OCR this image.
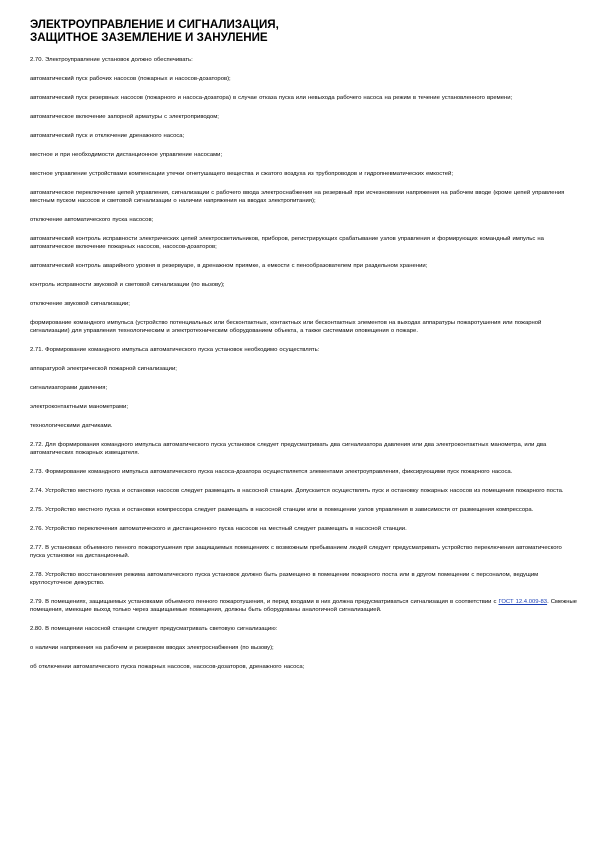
ЭЛЕКТРОУПРАВЛЕНИЕ И СИГНАЛИЗАЦИЯ,
ЗАЩИТНОЕ ЗАЗЕМЛЕНИЕ И ЗАНУЛЕНИЕ

2.70. Электроуправление установок должно обеспечивать:

автоматический пуск рабочих насосов (пожарных и насосов-дозаторов);

автоматический пуск резервных насосов (пожарного и насоса-дозатора) в случае отказа пуска или невыхода рабочего насоса на режим в течение установленного времени;

автоматическое включение запорной арматуры с электроприводом;

автоматический пуск и отключение дренажного насоса;

местное и при необходимости дистанционное управление насосами;

местное управление устройствами компенсации утечки огнетушащего вещества и сжатого воздуха из трубопроводов и гидропневматических емкостей;

автоматическое переключение цепей управления, сигнализации с рабочего ввода электроснабжения на резервный при исчезновении напряжения на рабочем вводе (кроме цепей управления местным пуском насосов и световой сигнализации о наличии напряжения на вводах электропитания);

отключение автоматического пуска насосов;

автоматический контроль исправности электрических цепей электросветильников, приборов, регистрирующих срабатывание узлов управления и формирующих командный импульс на автоматическое включение пожарных насосов, насосов-дозаторов;

автоматический контроль аварийного уровня в резервуаре, в дренажном приямке, а емкости с пенообразователем при раздельном хранении;

контроль исправности звуковой и световой сигнализации (по вызову);

отключение звуковой сигнализации;

формирование командного импульса (устройство потенциальных или бесконтактных, контактных или бесконтактных элементов на выходах аппаратуры пожаротушения или пожарной сигнализации) для управления технологическим и электротехническим оборудованием объекта, а также системами оповещения о пожаре.

2.71. Формирование командного импульса автоматического пуска установок необходимо осуществлять:

аппаратурой электрической пожарной сигнализации;

сигнализаторами давления;

электроконтактными манометрами;

технологическими датчиками.

2.72. Для формирования командного импульса автоматического пуска установок следует предусматривать два сигнализатора давления или два электроконтактных манометра, или два автоматических пожарных извещателя.

2.73. Формирование командного импульса автоматического пуска насоса-дозатора осуществляется элементами электроуправления, фиксирующими пуск пожарного насоса.

2.74. Устройство местного пуска и остановки насосов следует размещать в насосной станции. Допускается осуществлять пуск и остановку пожарных насосов из помещения пожарного поста.

2.75. Устройство местного пуска и остановки компрессора следует размещать в насосной станции или в помещении узлов управления в зависимости от размещения компрессора.

2.76. Устройство переключения автоматического и дистанционного пуска насосов на местный следует размещать в насосной станции.

2.77. В установках объемного пенного пожаротушения при защищаемых помещениях с возможным пребыванием людей следует предусматривать устройство переключения автоматического пуска установки на дистанционный.

2.78. Устройство восстановления режима автоматического пуска установок должно быть размещено в помещении пожарного поста или в другом помещении с персоналом, ведущим круглосуточное дежурство.

2.79. В помещениях, защищаемых установками объемного пенного пожаротушения, и перед входами в них должна предусматриваться сигнализация в соответствии с ГОСТ 12.4.009-83. Смежные помещения, имеющие выход только через защищаемые помещения, должны быть оборудованы аналогичной сигнализацией.

2.80. В помещении насосной станции следует предусматривать световую сигнализацию:

о наличии напряжения на рабочем и резервном вводах электроснабжения (по вызову);

об отключении автоматического пуска пожарных насосов, насосов-дозаторов, дренажного насоса;
